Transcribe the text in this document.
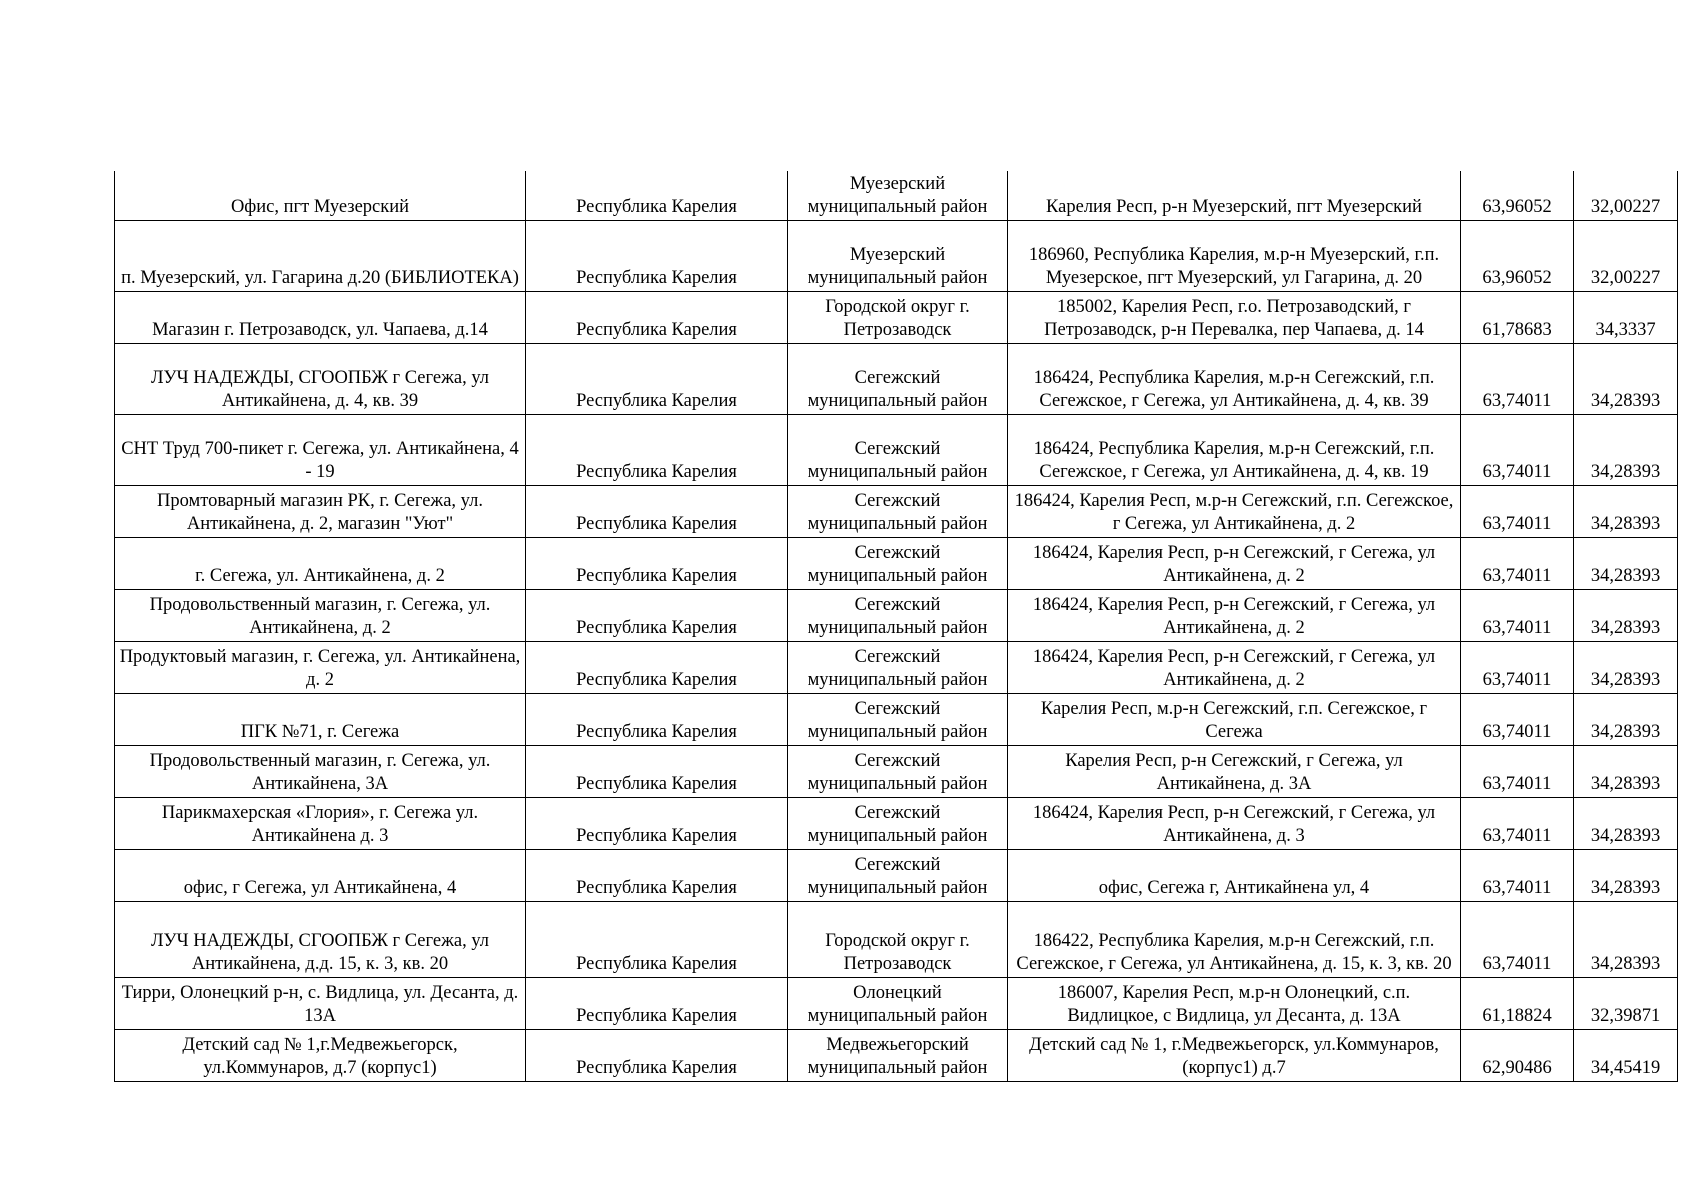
Офис, пгт Муезерский	Республика Карелия	Муезерский муниципальный район	Карелия Респ, р-н Муезерский, пгт Муезерский	63,96052	32,00227
п. Муезерский, ул. Гагарина д.20 (БИБЛИОТЕКА)	Республика Карелия	Муезерский муниципальный район	186960, Республика Карелия, м.р-н Муезерский, г.п. Муезерское, пгт Муезерский, ул Гагарина, д. 20	63,96052	32,00227
Магазин г. Петрозаводск, ул. Чапаева, д.14	Республика Карелия	Городской округ г. Петрозаводск	185002, Карелия Респ, г.о. Петрозаводский, г Петрозаводск, р-н Перевалка, пер Чапаева, д. 14	61,78683	34,3337
ЛУЧ НАДЕЖДЫ, СГООПБЖ г Сегежа, ул Антикайнена, д. 4, кв. 39	Республика Карелия	Сегежский муниципальный район	186424, Республика Карелия, м.р-н Сегежский, г.п. Сегежское, г Сегежа, ул Антикайнена, д. 4, кв. 39	63,74011	34,28393
СНТ Труд 700-пикет г. Сегежа, ул. Антикайнена, 4 - 19	Республика Карелия	Сегежский муниципальный район	186424, Республика Карелия, м.р-н Сегежский, г.п. Сегежское, г Сегежа, ул Антикайнена, д. 4, кв. 19	63,74011	34,28393
Промтоварный магазин РК, г. Сегежа, ул. Антикайнена, д. 2, магазин "Уют"	Республика Карелия	Сегежский муниципальный район	186424, Карелия Респ, м.р-н Сегежский, г.п. Сегежское, г Сегежа, ул Антикайнена, д. 2	63,74011	34,28393
г. Сегежа, ул. Антикайнена, д. 2	Республика Карелия	Сегежский муниципальный район	186424, Карелия Респ, р-н Сегежский, г Сегежа, ул Антикайнена, д. 2	63,74011	34,28393
Продовольственный магазин, г. Сегежа, ул. Антикайнена, д. 2	Республика Карелия	Сегежский муниципальный район	186424, Карелия Респ, р-н Сегежский, г Сегежа, ул Антикайнена, д. 2	63,74011	34,28393
Продуктовый магазин, г. Сегежа, ул. Антикайнена, д. 2	Республика Карелия	Сегежский муниципальный район	186424, Карелия Респ, р-н Сегежский, г Сегежа, ул Антикайнена, д. 2	63,74011	34,28393
ПГК №71, г. Сегежа	Республика Карелия	Сегежский муниципальный район	Карелия Респ, м.р-н Сегежский, г.п. Сегежское, г Сегежа	63,74011	34,28393
Продовольственный магазин, г. Сегежа, ул. Антикайнена, 3А	Республика Карелия	Сегежский муниципальный район	Карелия Респ, р-н Сегежский, г Сегежа, ул Антикайнена, д. 3А	63,74011	34,28393
Парикмахерская «Глория», г. Сегежа ул. Антикайнена д. 3	Республика Карелия	Сегежский муниципальный район	186424, Карелия Респ, р-н Сегежский, г Сегежа, ул Антикайнена, д. 3	63,74011	34,28393
офис, г Сегежа, ул Антикайнена, 4	Республика Карелия	Сегежский муниципальный район	офис, Сегежа г, Антикайнена ул, 4	63,74011	34,28393
ЛУЧ НАДЕЖДЫ, СГООПБЖ г Сегежа, ул Антикайнена, д.д. 15, к. 3, кв. 20	Республика Карелия	Городской округ г. Петрозаводск	186422, Республика Карелия, м.р-н Сегежский, г.п. Сегежское, г Сегежа, ул Антикайнена, д. 15, к. 3, кв. 20	63,74011	34,28393
Тирри, Олонецкий р-н, с. Видлица, ул. Десанта, д. 13А	Республика Карелия	Олонецкий муниципальный район	186007, Карелия Респ, м.р-н Олонецкий, с.п. Видлицкое, с Видлица, ул Десанта, д. 13А	61,18824	32,39871
Детский сад № 1,г.Медвежьегорск, ул.Коммунаров, д.7 (корпус1)	Республика Карелия	Медвежьегорский муниципальный район	Детский сад № 1, г.Медвежьегорск, ул.Коммунаров, (корпус1) д.7	62,90486	34,45419
